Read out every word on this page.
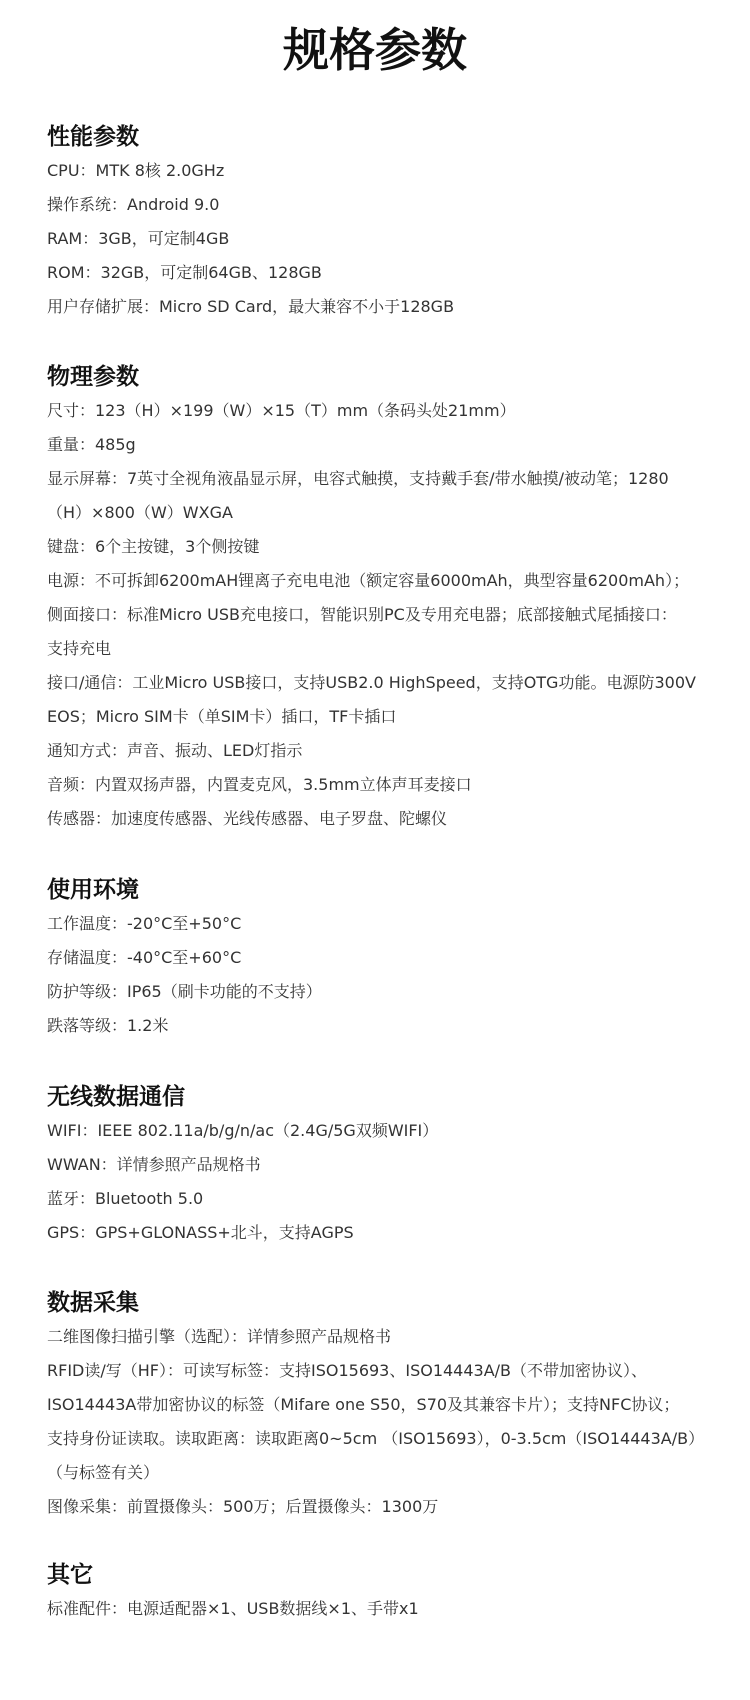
规格参数
性能参数
CPU：MTK 8核 2.0GHz
操作系统：Android 9.0
RAM：3GB，可定制4GB
ROM：32GB，可定制64GB、128GB
用户存储扩展：Micro SD Card，最大兼容不小于128GB
物理参数
尺寸：123（H）×199（W）×15（T）mm（条码头处21mm）
重量：485g
显示屏幕：7英寸全视角液晶显示屏，电容式触摸，支持戴手套/带水触摸/被动笔；1280
（H）×800（W）WXGA
键盘：6个主按键，3个侧按键
电源：不可拆卸6200mAH锂离子充电电池（额定容量6000mAh，典型容量6200mAh）；
侧面接口：标准Micro USB充电接口，智能识别PC及专用充电器；底部接触式尾插接口：
支持充电
接口/通信：工业Micro USB接口，支持USB2.0 HighSpeed，支持OTG功能。电源防300V
EOS；Micro SIM卡（单SIM卡）插口，TF卡插口
通知方式：声音、振动、LED灯指示
音频：内置双扬声器，内置麦克风，3.5mm立体声耳麦接口
传感器：加速度传感器、光线传感器、电子罗盘、陀螺仪
使用环境
工作温度：-20°C至+50°C
存储温度：-40°C至+60°C
防护等级：IP65（刷卡功能的不支持）
跌落等级：1.2米
无线数据通信
WIFI：IEEE 802.11a/b/g/n/ac（2.4G/5G双频WIFI）
WWAN：详情参照产品规格书
蓝牙：Bluetooth 5.0
GPS：GPS+GLONASS+北斗，支持AGPS
数据采集
二维图像扫描引擎（选配）：详情参照产品规格书
RFID读/写（HF）：可读写标签：支持ISO15693、ISO14443A/B（不带加密协议）、
ISO14443A带加密协议的标签（Mifare one S50，S70及其兼容卡片）；支持NFC协议；
支持身份证读取。读取距离：读取距离0~5cm （ISO15693），0-3.5cm（ISO14443A/B）
（与标签有关）
图像采集：前置摄像头：500万；后置摄像头：1300万
其它
标准配件：电源适配器×1、USB数据线×1、手带x1
